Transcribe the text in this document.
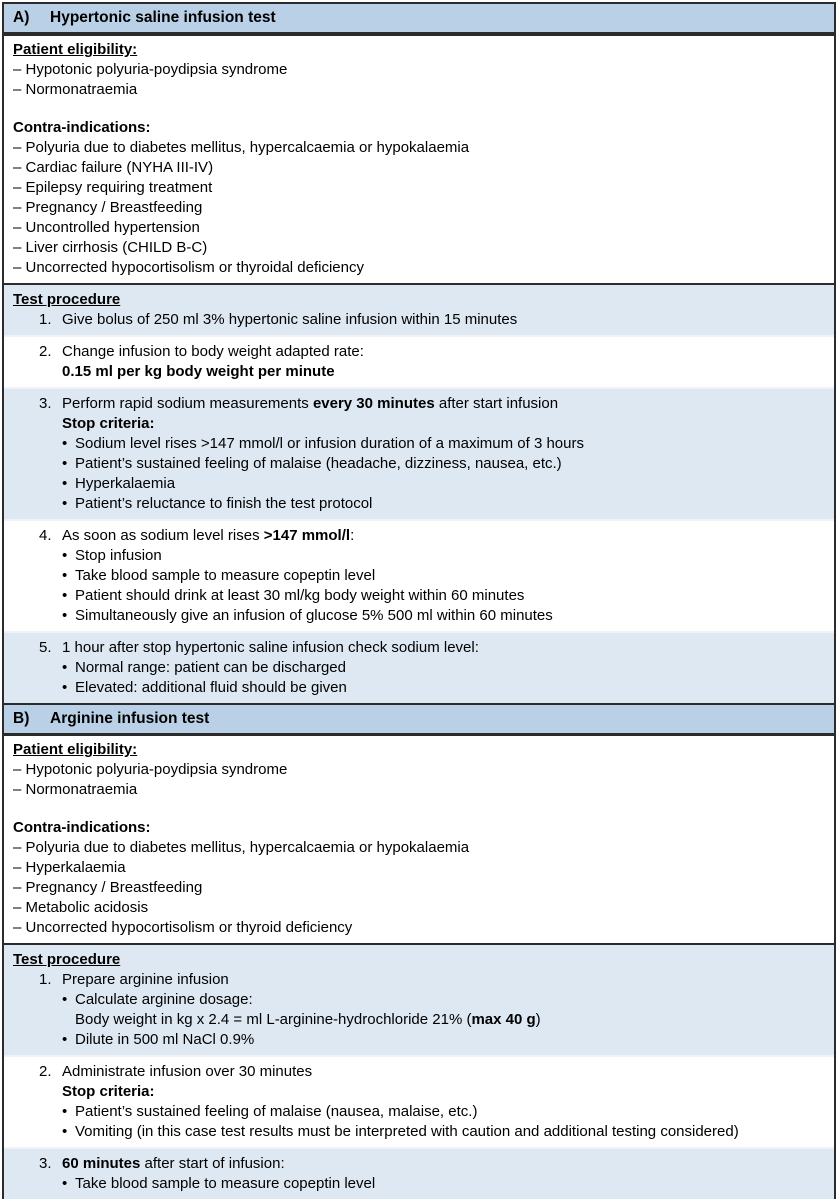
A) Hypertonic saline infusion test
Patient eligibility:
– Hypotonic polyuria-poydipsia syndrome
– Normonatraemia
Contra-indications:
– Polyuria due to diabetes mellitus, hypercalcaemia or hypokalaemia
– Cardiac failure (NYHA III-IV)
– Epilepsy requiring treatment
– Pregnancy / Breastfeeding
– Uncontrolled hypertension
– Liver cirrhosis (CHILD B-C)
– Uncorrected hypocortisolism or thyroidal deficiency
Test procedure
1. Give bolus of 250 ml 3% hypertonic saline infusion within 15 minutes
2. Change infusion to body weight adapted rate:
0.15 ml per kg body weight per minute
3. Perform rapid sodium measurements every 30 minutes after start infusion
Stop criteria:
• Sodium level rises >147 mmol/l or infusion duration of a maximum of 3 hours
• Patient’s sustained feeling of malaise (headache, dizziness, nausea, etc.)
• Hyperkalaemia
• Patient’s reluctance to finish the test protocol
4. As soon as sodium level rises >147 mmol/l:
• Stop infusion
• Take blood sample to measure copeptin level
• Patient should drink at least 30 ml/kg body weight within 60 minutes
• Simultaneously give an infusion of glucose 5% 500 ml within 60 minutes
5. 1 hour after stop hypertonic saline infusion check sodium level:
• Normal range: patient can be discharged
• Elevated: additional fluid should be given
B) Arginine infusion test
Patient eligibility:
– Hypotonic polyuria-poydipsia syndrome
– Normonatraemia
Contra-indications:
– Polyuria due to diabetes mellitus, hypercalcaemia or hypokalaemia
– Hyperkalaemia
– Pregnancy / Breastfeeding
– Metabolic acidosis
– Uncorrected hypocortisolism or thyroid deficiency
Test procedure
1. Prepare arginine infusion
• Calculate arginine dosage:
Body weight in kg x 2.4 = ml L-arginine-hydrochloride 21% (max 40 g)
• Dilute in 500 ml NaCl 0.9%
2. Administrate infusion over 30 minutes
Stop criteria:
• Patient’s sustained feeling of malaise (nausea, malaise, etc.)
• Vomiting (in this case test results must be interpreted with caution and additional testing considered)
3. 60 minutes after start of infusion:
• Take blood sample to measure copeptin level
